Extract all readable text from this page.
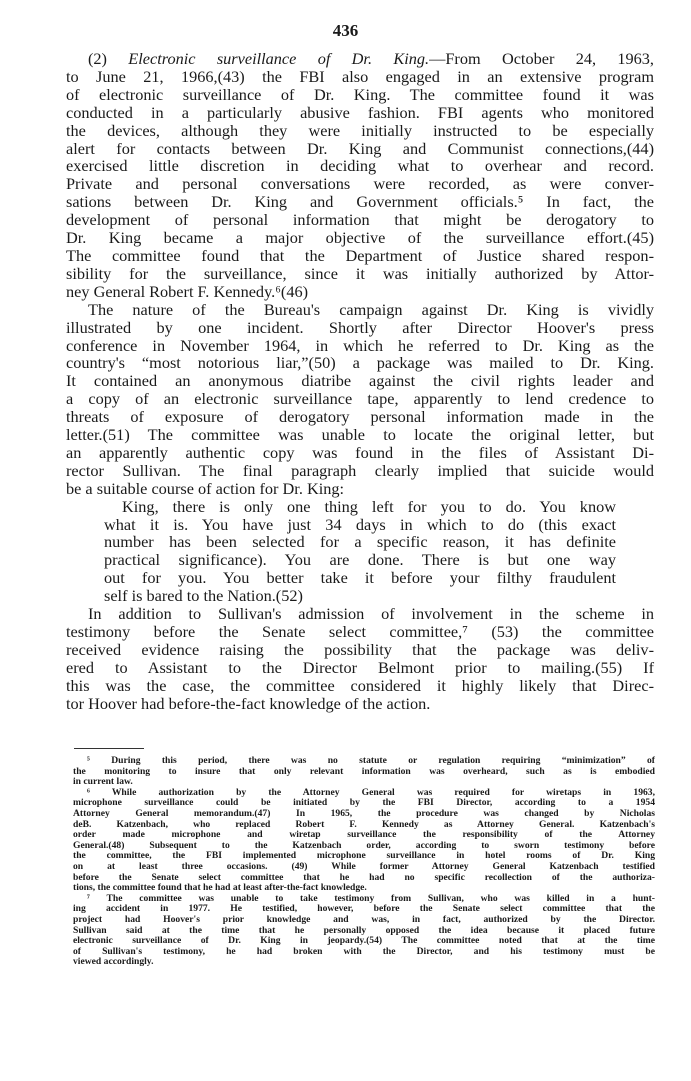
436
(2) Electronic surveillance of Dr. King.—From October 24, 1963,
to June 21, 1966,(43) the FBI also engaged in an extensive program
of electronic surveillance of Dr. King. The committee found it was
conducted in a particularly abusive fashion. FBI agents who monitored
the devices, although they were initially instructed to be especially
alert for contacts between Dr. King and Communist connections,(44)
exercised little discretion in deciding what to overhear and record.
Private and personal conversations were recorded, as were conver-
sations between Dr. King and Government officials.⁵ In fact, the
development of personal information that might be derogatory to
Dr. King became a major objective of the surveillance effort.(45)
The committee found that the Department of Justice shared respon-
sibility for the surveillance, since it was initially authorized by Attor-
ney General Robert F. Kennedy.⁶(46)
The nature of the Bureau's campaign against Dr. King is vividly
illustrated by one incident. Shortly after Director Hoover's press
conference in November 1964, in which he referred to Dr. King as the
country's “most notorious liar,”(50) a package was mailed to Dr. King.
It contained an anonymous diatribe against the civil rights leader and
a copy of an electronic surveillance tape, apparently to lend credence to
threats of exposure of derogatory personal information made in the
letter.(51) The committee was unable to locate the original letter, but
an apparently authentic copy was found in the files of Assistant Di-
rector Sullivan. The final paragraph clearly implied that suicide would
be a suitable course of action for Dr. King:
King, there is only one thing left for you to do. You know
what it is. You have just 34 days in which to do (this exact
number has been selected for a specific reason, it has definite
practical significance). You are done. There is but one way
out for you. You better take it before your filthy fraudulent
self is bared to the Nation.(52)
In addition to Sullivan's admission of involvement in the scheme in
testimony before the Senate select committee,⁷ (53) the committee
received evidence raising the possibility that the package was deliv-
ered to Assistant to the Director Belmont prior to mailing.(55) If
this was the case, the committee considered it highly likely that Direc-
tor Hoover had before-the-fact knowledge of the action.
⁵ During this period, there was no statute or regulation requiring “minimization” of
the monitoring to insure that only relevant information was overheard, such as is embodied
in current law.
⁶ While authorization by the Attorney General was required for wiretaps in 1963,
microphone surveillance could be initiated by the FBI Director, according to a 1954
Attorney General memorandum.(47) In 1965, the procedure was changed by Nicholas
deB. Katzenbach, who replaced Robert F. Kennedy as Attorney General. Katzenbach's
order made microphone and wiretap surveillance the responsibility of the Attorney
General.(48) Subsequent to the Katzenbach order, according to sworn testimony before
the committee, the FBI implemented microphone surveillance in hotel rooms of Dr. King
on at least three occasions. (49) While former Attorney General Katzenbach testified
before the Senate select committee that he had no specific recollection of the authoriza-
tions, the committee found that he had at least after-the-fact knowledge.
⁷ The committee was unable to take testimony from Sullivan, who was killed in a hunt-
ing accident in 1977. He testified, however, before the Senate select committee that the
project had Hoover's prior knowledge and was, in fact, authorized by the Director.
Sullivan said at the time that he personally opposed the idea because it placed future
electronic surveillance of Dr. King in jeopardy.(54) The committee noted that at the time
of Sullivan's testimony, he had broken with the Director, and his testimony must be
viewed accordingly.
